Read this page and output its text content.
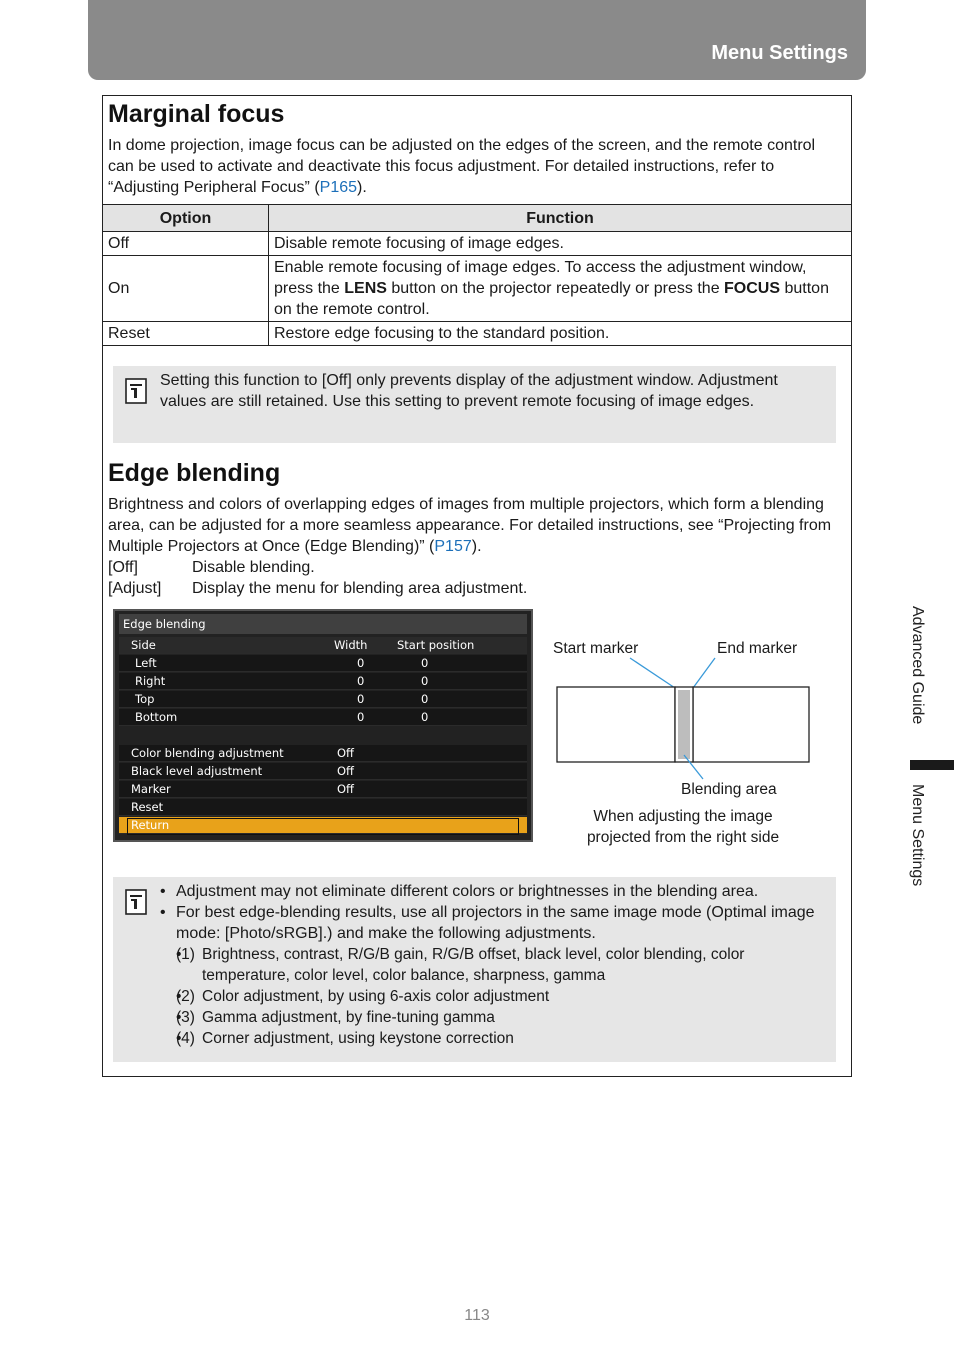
Menu Settings
Marginal focus
In dome projection, image focus can be adjusted on the edges of the screen, and the remote control can be used to activate and deactivate this focus adjustment. For detailed instructions, refer to “Adjusting Peripheral Focus” (P165).
Option	Function
Off	Disable remote focusing of image edges.
On	Enable remote focusing of image edges. To access the adjustment window, press the LENS button on the projector repeatedly or press the FOCUS button on the remote control.
Reset	Restore edge focusing to the standard position.
Setting this function to [Off] only prevents display of the adjustment window. Adjustment values are still retained. Use this setting to prevent remote focusing of image edges.
Edge blending
Brightness and colors of overlapping edges of images from multiple projectors, which form a blending area, can be adjusted for a more seamless appearance. For detailed instructions, see “Projecting from Multiple Projectors at Once (Edge Blending)” (P157).
[Off]	Disable blending.
[Adjust] Display the menu for blending area adjustment.
Edge blending
Side	Width	Start position
Left	0	0
Right	0	0
Top	0	0
Bottom	0	0
Color blending adjustment	Off
Black level adjustment	Off
Marker	Off
Reset
Return
Start marker	End marker
Blending area
When adjusting the image
projected from the right side
• Adjustment may not eliminate different colors or brightnesses in the blending area.
• For best edge-blending results, use all projectors in the same image mode (Optimal image mode: [Photo/sRGB].) and make the following adjustments.
• (1) Brightness, contrast, R/G/B gain, R/G/B offset, black level, color blending, color temperature, color level, color balance, sharpness, gamma
• (2) Color adjustment, by using 6-axis color adjustment
• (3) Gamma adjustment, by fine-tuning gamma
• (4) Corner adjustment, using keystone correction
Advanced Guide
Menu Settings
113
